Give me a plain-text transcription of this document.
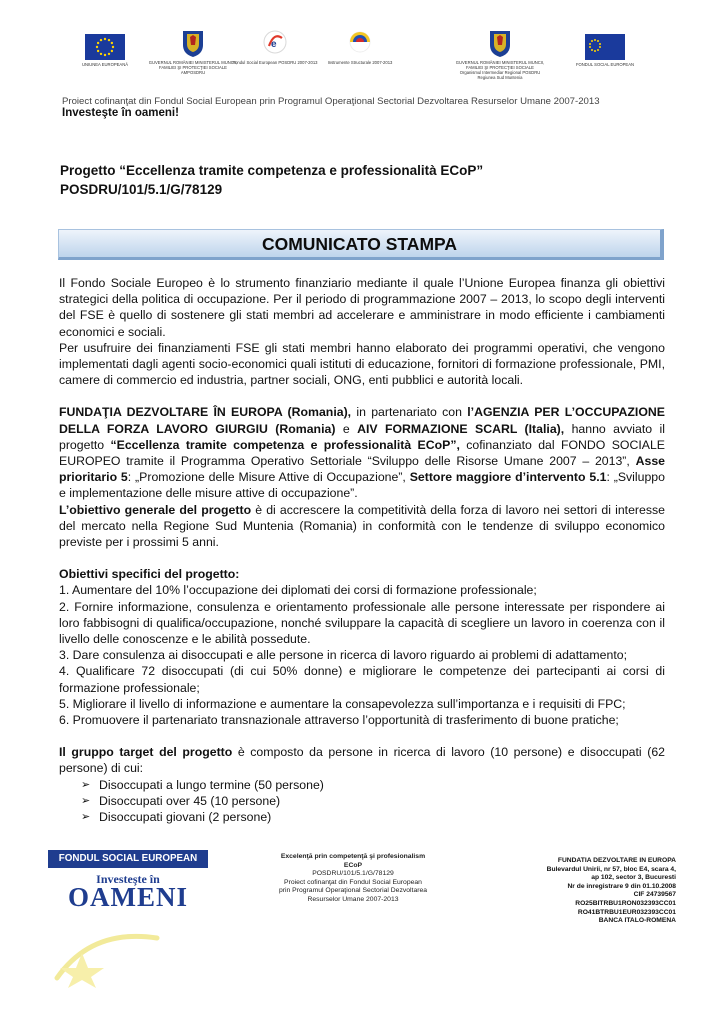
UNIUNEA EUROPEANĂ	GUVERNUL ROMÂNIEI MINISTERUL MUNCII, FAMILIEI ŞI PROTECŢIEI SOCIALE AMPOSDRU
e
Fondul Social European POSDRU 2007-2013	Instrumente Structurale 2007-2013	GUVERNUL ROMÂNIEI MINISTERUL MUNCII, FAMILIEI ŞI PROTECŢIEI SOCIALE Organismul Intermediar Regional POSDRU Regiunea Sud Muntenia
FONDUL SOCIAL EUROPEAN
Proiect cofinanţat din Fondul Social European prin Programul Operaţional Sectorial Dezvoltarea Resurselor Umane 2007-2013
Investeşte în oameni!
Progetto “Eccellenza tramite competenza e professionalità ECoP”
POSDRU/101/5.1/G/78129
COMUNICATO STAMPA

Il Fondo Sociale Europeo è lo strumento finanziario mediante il quale l’Unione Europea finanza gli obiettivi strategici della politica di occupazione. Per il periodo di programmazione 2007 – 2013, lo scopo degli interventi del FSE è quello di sostenere gli stati membri ad accelerare e amministrare in modo efficiente i cambiamenti economici e sociali.

Per usufruire dei finanziamenti FSE gli stati membri hanno elaborato dei programmi operativi, che vengono implementati dagli agenti socio-economici quali istituti di educazione, fornitori di formazione professionale, PMI, camere di commercio ed industria, partner sociali, ONG, enti pubblici e autorità locali.

FUNDAŢIA DEZVOLTARE ÎN EUROPA (Romania), in partenariato con l’AGENZIA PER L’OCCUPAZIONE DELLA FORZA LAVORO GIURGIU (Romania) e AIV FORMAZIONE SCARL (Italia), hanno avviato il progetto “Eccellenza tramite competenza e professionalità ECoP”, cofinanziato dal FONDO SOCIALE EUROPEO tramite il Programma Operativo Settoriale “Sviluppo delle Risorse Umane 2007 – 2013”, Asse prioritario 5: „Promozione delle Misure Attive di Occupazione”, Settore maggiore d’intervento 5.1: „Sviluppo e implementazione delle misure attive di occupazione”.

L’obiettivo generale del progetto è di accrescere la competitività della forza di lavoro nei settori di interesse del mercato nella Regione Sud Muntenia (Romania) in conformità con le tendenze di sviluppo economico previste per i prossimi 5 anni.

Obiettivi specifici del progetto:

1. Aumentare del 10% l’occupazione dei diplomati dei corsi di formazione professionale;

2. Fornire informazione, consulenza e orientamento professionale alle persone interessate per rispondere ai loro fabbisogni di qualifica/occupazione, nonché sviluppare la capacità di scegliere un lavoro in coerenza con il livello delle conoscenze e le abilità possedute.

3. Dare consulenza ai disoccupati e alle persone in ricerca di lavoro riguardo ai problemi di adattamento;

4. Qualificare 72 disoccupati (di cui 50% donne) e migliorare le competenze dei partecipanti ai corsi di formazione professionale;

5. Migliorare il livello di informazione e aumentare la consapevolezza sull’importanza e i requisiti di FPC;

6. Promuovere il partenariato transnazionale attraverso l’opportunità di trasferimento di buone pratiche;

Il gruppo target del progetto è composto da persone in ricerca di lavoro (10 persone) e disoccupati (62 persone) di cui:

➢ Disoccupati a lungo termine (50 persone)
➢ Disoccupati over 45 (10 persone)
➢ Disoccupati giovani (2 persone)
FONDUL SOCIAL EUROPEAN
Investeşte în
OAMENI
Excelenţă prin competenţă şi profesionalism
ECoP
POSDRU/101/5.1/G/78129
Proiect cofinanţat din Fondul Social European
prin Programul Operaţional Sectorial Dezvoltarea
Resurselor Umane 2007-2013
FUNDATIA DEZVOLTARE IN EUROPA
Bulevardul Unirii, nr 57, bloc E4, scara 4,
ap 102, sector 3, Bucuresti
Nr de inregistrare 9 din 01.10.2008
CIF 24739567
RO25BITRBU1RON032393CC01
RO41BTRBU1EUR032393CC01
BANCA ITALO-ROMENA
